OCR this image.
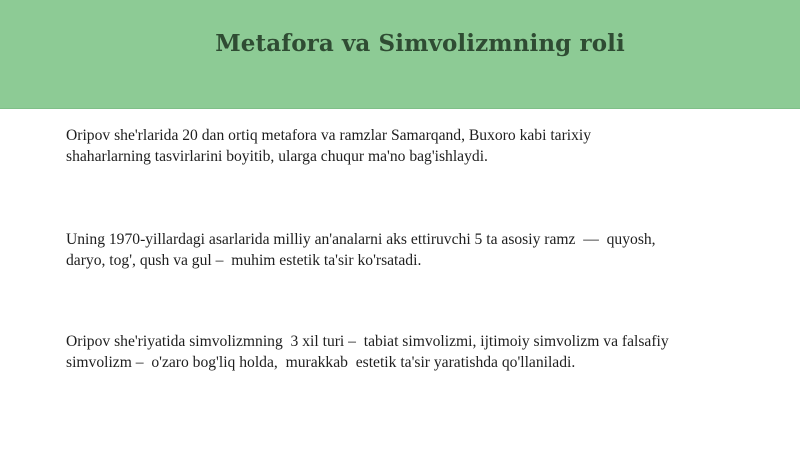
Metafora va Simvolizmning roli

Oripov she'rlarida 20 dan ortiq metafora va ramzlar Samarqand, Buxoro kabi tarixiy
shaharlarning tasvirlarini boyitib, ularga chuqur ma'no bag'ishlaydi.

Uning 1970-yillardagi asarlarida milliy an'analarni aks ettiruvchi 5 ta asosiy ramz  —  quyosh,
daryo, tog', qush va gul –  muhim estetik ta'sir ko'rsatadi.

Oripov she'riyatida simvolizmning  3 xil turi –  tabiat simvolizmi, ijtimoiy simvolizm va falsafiy
simvolizm –  o'zaro bog'liq holda,  murakkab  estetik ta'sir yaratishda qo'llaniladi.
